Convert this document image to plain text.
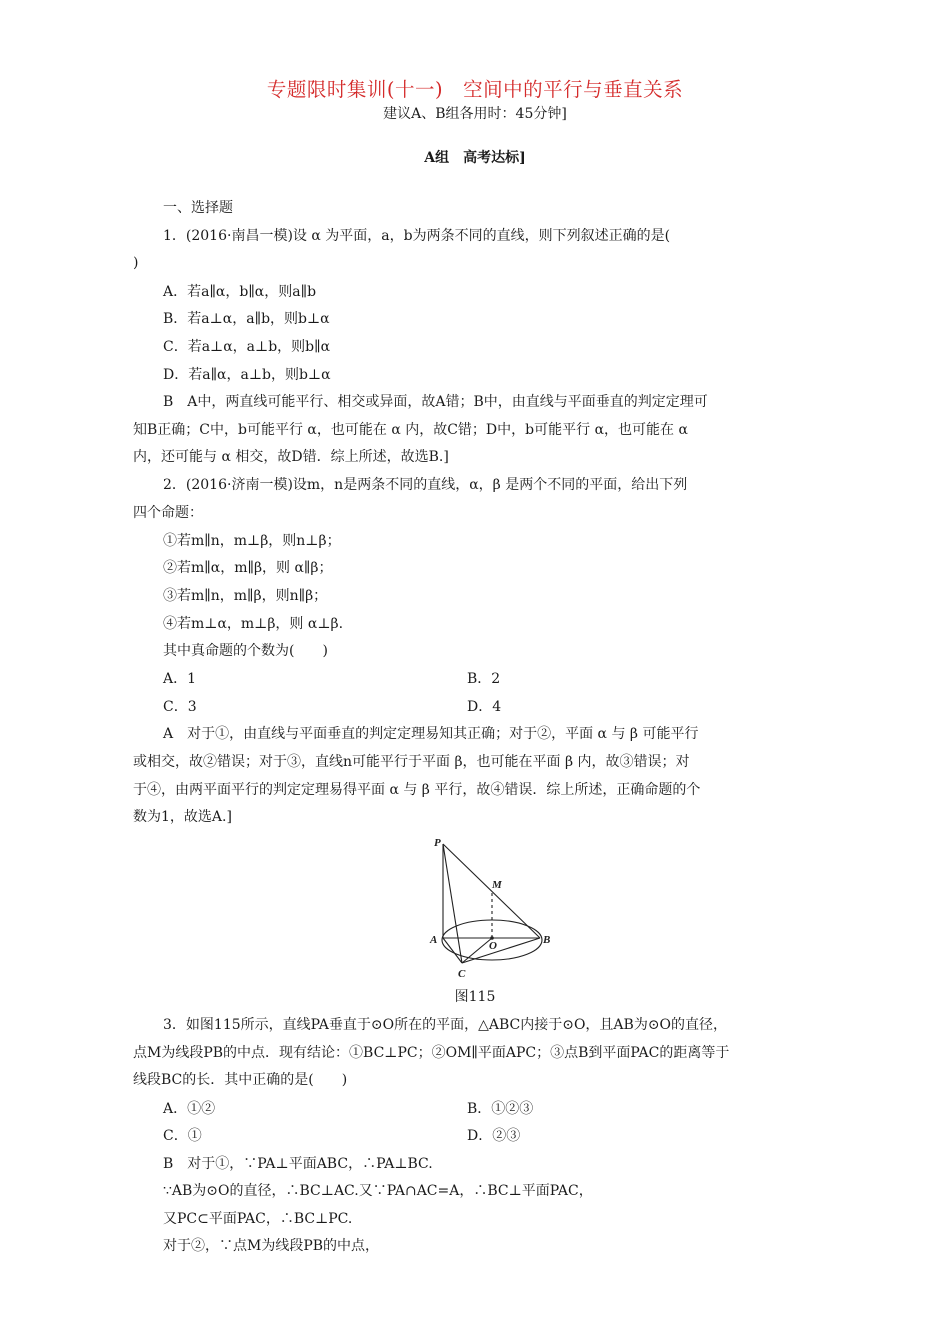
专题限时集训(十一)　空间中的平行与垂直关系
建议A、B组各用时：45分钟]
A组　高考达标]
一、选择题
1．(2016·南昌一模)设 α 为平面，a，b为两条不同的直线，则下列叙述正确的是(
)
A．若a∥α，b∥α，则a∥b
B．若a⊥α，a∥b，则b⊥α
C．若a⊥α，a⊥b，则b∥α
D．若a∥α，a⊥b，则b⊥α
B　A中，两直线可能平行、相交或异面，故A错；B中，由直线与平面垂直的判定定理可
知B正确；C中，b可能平行 α，也可能在 α 内，故C错；D中，b可能平行 α，也可能在 α
内，还可能与 α 相交，故D错．综上所述，故选B.]
2．(2016·济南一模)设m，n是两条不同的直线，α，β 是两个不同的平面，给出下列
四个命题：
①若m∥n，m⊥β，则n⊥β；
②若m∥α，m∥β，则 α∥β；
③若m∥n，m∥β，则n∥β；
④若m⊥α，m⊥β，则 α⊥β.
其中真命题的个数为(　　)
A．1	B．2
C．3	D．4
A　对于①，由直线与平面垂直的判定定理易知其正确；对于②，平面 α 与 β 可能平行
或相交，故②错误；对于③，直线n可能平行于平面 β，也可能在平面 β 内，故③错误；对
于④，由两平面平行的判定定理易得平面 α 与 β 平行，故④错误．综上所述，正确命题的个
数为1，故选A.]
3．如图115所示，直线PA垂直于⊙O所在的平面，△ABC内接于⊙O，且AB为⊙O的直径，
点M为线段PB的中点．现有结论：①BC⊥PC；②OM∥平面APC；③点B到平面PAC的距离等于
线段BC的长．其中正确的是(　　)
A．①②	B．①②③
C．①	D．②③
B　对于①，∵PA⊥平面ABC，∴PA⊥BC.
∵AB为⊙O的直径，∴BC⊥AC.又∵PA∩AC=A，∴BC⊥平面PAC，
又PC⊂平面PAC，∴BC⊥PC.
对于②，∵点M为线段PB的中点，
P
M
A	O	B
C
图115
